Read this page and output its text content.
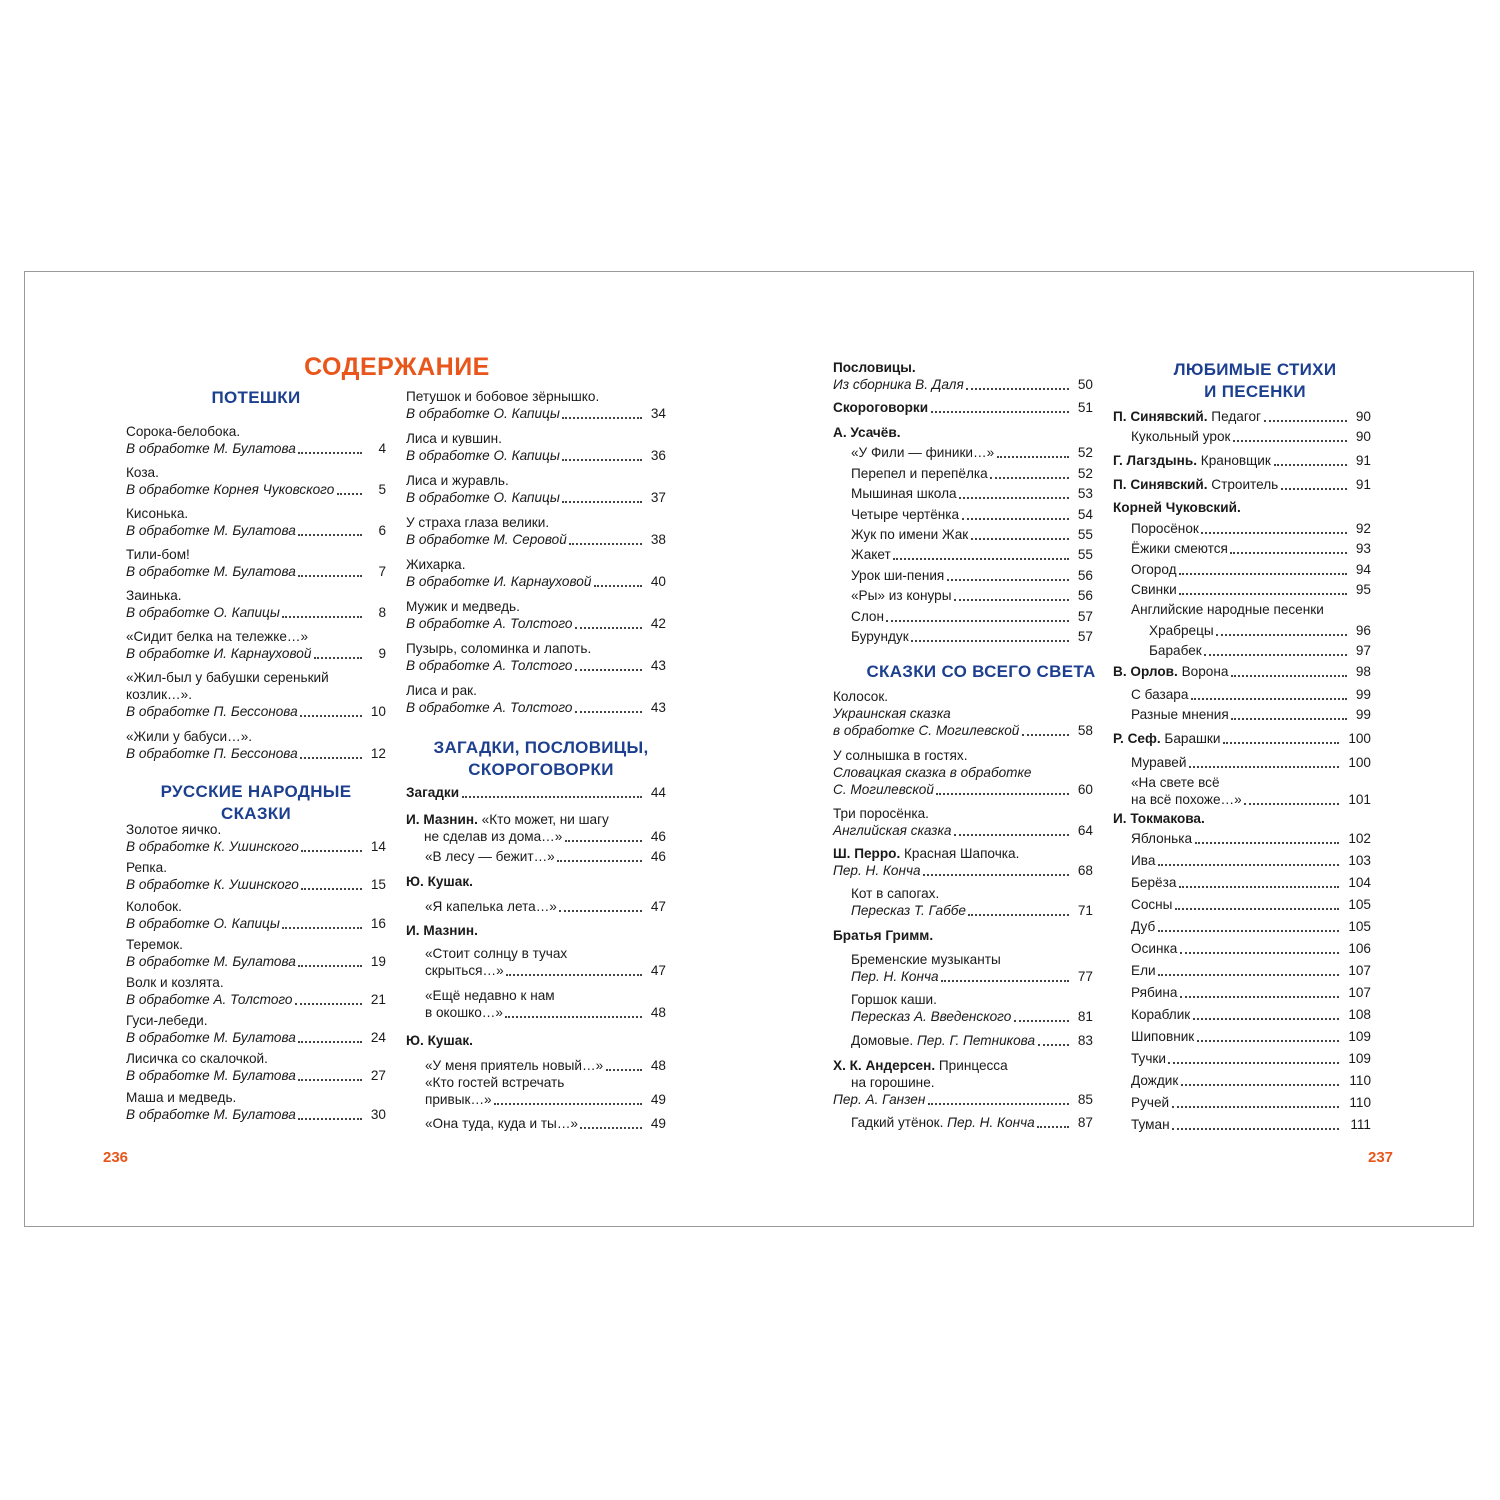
СОДЕРЖАНИЕ
ПОТЕШКИ
РУССКИЕ НАРОДНЫЕ
СКАЗКИ
ЗАГАДКИ, ПОСЛОВИЦЫ,
СКОРОГОВОРКИ
СКАЗКИ СО ВСЕГО СВЕТА
ЛЮБИМЫЕ СТИХИ
И ПЕСЕНКИ
Сорока-белобока.
В обработке М. Булатова	4
Коза.
В обработке Корнея Чуковского	5
Кисонька.
В обработке М. Булатова	6
Тили-бом!
В обработке М. Булатова	7
Заинька.
В обработке О. Капицы	8
«Сидит белка на тележке…»
В обработке И. Карнауховой	9
«Жил-был у бабушки серенький
козлик…».
В обработке П. Бессонова	10
«Жили у бабуси…».
В обработке П. Бессонова	12
Золотое яичко.
В обработке К. Ушинского	14
Репка.
В обработке К. Ушинского	15
Колобок.
В обработке О. Капицы	16
Теремок.
В обработке М. Булатова	19
Волк и козлята.
В обработке А. Толстого	21
Гуси-лебеди.
В обработке М. Булатова	24
Лисичка со скалочкой.
В обработке М. Булатова	27
Маша и медведь.
В обработке М. Булатова	30
Петушок и бобовое зёрнышко.
В обработке О. Капицы	34
Лиса и кувшин.
В обработке О. Капицы	36
Лиса и журавль.
В обработке О. Капицы	37
У страха глаза велики.
В обработке М. Серовой	38
Жихарка.
В обработке И. Карнауховой	40
Мужик и медведь.
В обработке А. Толстого	42
Пузырь, соломинка и лапоть.
В обработке А. Толстого	43
Лиса и рак.
В обработке А. Толстого	43
Загадки	44
И. Мазнин. «Кто может, ни шагу
не сделав из дома…»	46
«В лесу — бежит…»	46
Ю. Кушак.
«Я капелька лета…»	47
И. Мазнин.
«Стоит солнцу в тучах
скрыться…»	47
«Ещё недавно к нам
в окошко…»	48
Ю. Кушак.
«У меня приятель новый…»	48
«Кто гостей встречать
привык…»	49
«Она туда, куда и ты…»	49
Пословицы.
Из сборника В. Даля	50
Скороговорки	51
А. Усачёв.
«У Фили — финики…»	52
Перепел и перепёлка	52
Мышиная школа	53
Четыре чертёнка	54
Жук по имени Жак	55
Жакет	55
Урок ши-пения	56
«Ры» из конуры	56
Слон	57
Бурундук	57
Колосок.
Украинская сказка
в обработке С. Могилевской	58
У солнышка в гостях.
Словацкая сказка в обработке
С. Могилевской	60
Три поросёнка.
Английская сказка	64
Ш. Перро. Красная Шапочка.
Пер. Н. Конча	68
Кот в сапогах.
Пересказ Т. Габбе	71
Братья Гримм.
Бременские музыканты
Пер. Н. Конча	77
Горшок каши.
Пересказ А. Введенского	81
Домовые. Пер. Г. Петникова	83
Х. К. Андерсен. Принцесса
на горошине.
Пер. А. Ганзен	85
Гадкий утёнок. Пер. Н. Конча	87
П. Синявский. Педагог	90
Кукольный урок	90
Г. Лагздынь. Крановщик	91
П. Синявский. Строитель	91
Корней Чуковский.
Поросёнок	92
Ёжики смеются	93
Огород	94
Свинки	95
Английские народные песенки
Храбрецы	96
Барабек	97
В. Орлов. Ворона	98
С базара	99
Разные мнения	99
Р. Сеф. Барашки	100
Муравей	100
«На свете всё
на всё похоже…»	101
И. Токмакова.
Яблонька	102
Ива	103
Берёза	104
Сосны	105
Дуб	105
Осинка	106
Ели	107
Рябина	107
Кораблик	108
Шиповник	109
Тучки	109
Дождик	110
Ручей	110
Туман	111
236	237
